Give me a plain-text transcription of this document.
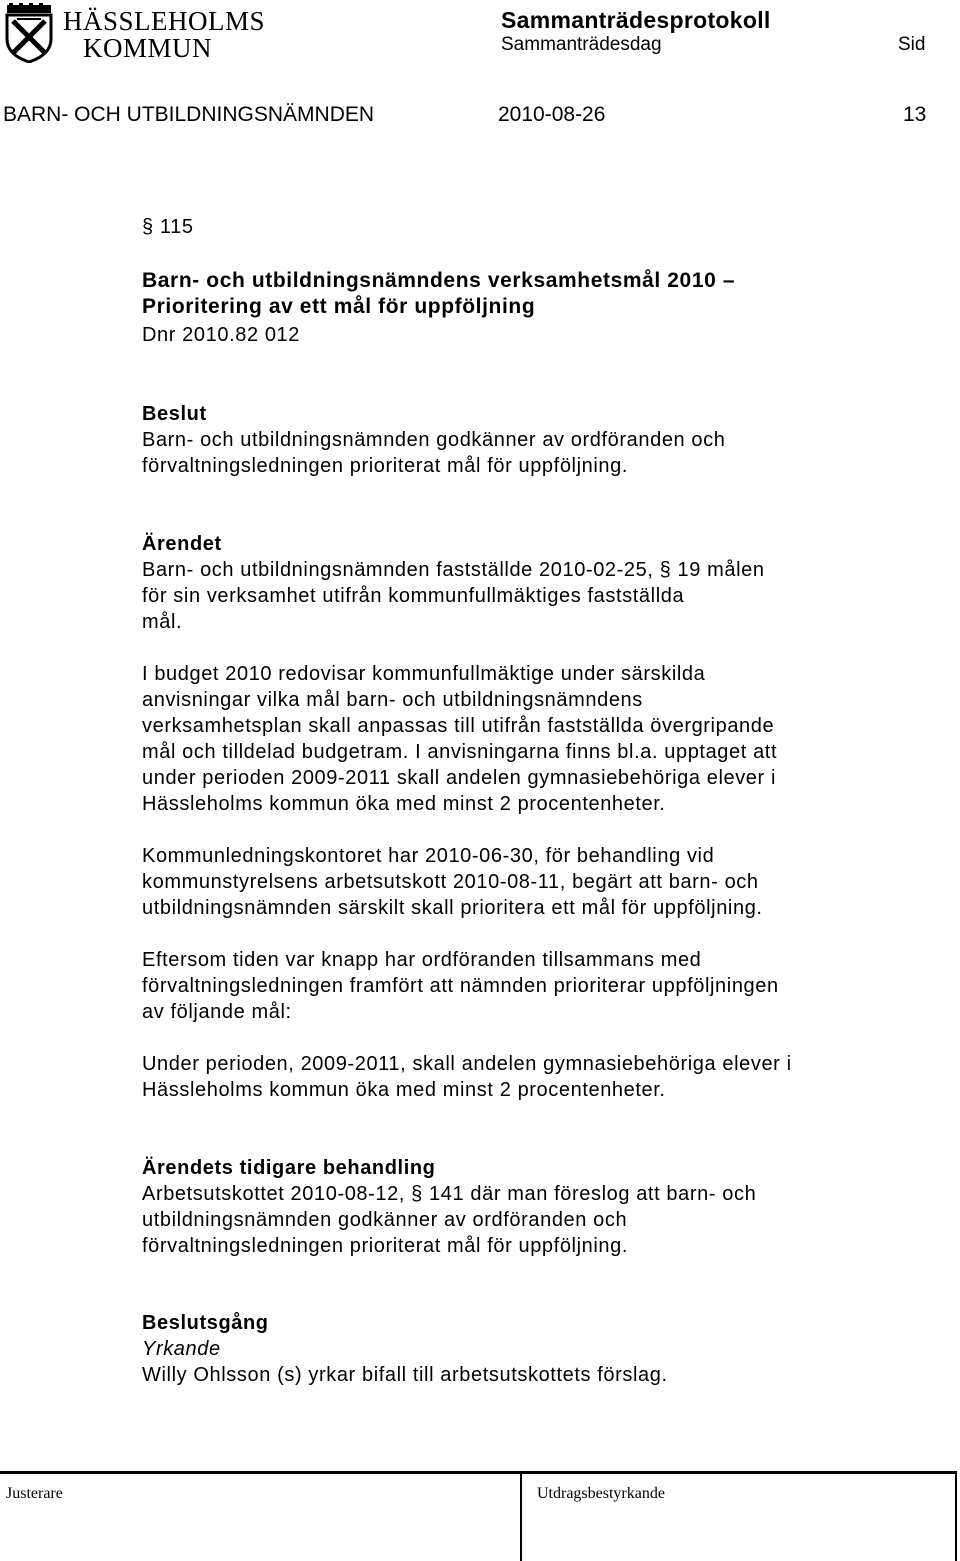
HÄSSLEHOLMS
KOMMUN
Sammanträdesprotokoll
Sammanträdesdag	Sid
BARN- OCH UTBILDNINGSNÄMNDEN	2010-08-26	13
§ 115
Barn- och utbildningsnämndens verksamhetsmål 2010 –
Prioritering av ett mål för uppföljning
Dnr 2010.82 012
Beslut
Barn- och utbildningsnämnden godkänner av ordföranden och
förvaltningsledningen prioriterat mål för uppföljning.
Ärendet
Barn- och utbildningsnämnden fastställde 2010-02-25, § 19 målen
för sin verksamhet utifrån kommunfullmäktiges fastställda
mål.
I budget 2010 redovisar kommunfullmäktige under särskilda
anvisningar vilka mål barn- och utbildningsnämndens
verksamhetsplan skall anpassas till utifrån fastställda övergripande
mål och tilldelad budgetram. I anvisningarna finns bl.a. upptaget att
under perioden 2009-2011 skall andelen gymnasiebehöriga elever i
Hässleholms kommun öka med minst 2 procentenheter.
Kommunledningskontoret har 2010-06-30, för behandling vid
kommunstyrelsens arbetsutskott 2010-08-11, begärt att barn- och
utbildningsnämnden särskilt skall prioritera ett mål för uppföljning.
Eftersom tiden var knapp har ordföranden tillsammans med
förvaltningsledningen framfört att nämnden prioriterar uppföljningen
av följande mål:
Under perioden, 2009-2011, skall andelen gymnasiebehöriga elever i
Hässleholms kommun öka med minst 2 procentenheter.
Ärendets tidigare behandling
Arbetsutskottet 2010-08-12, § 141 där man föreslog att barn- och
utbildningsnämnden godkänner av ordföranden och
förvaltningsledningen prioriterat mål för uppföljning.
Beslutsgång
Yrkande
Willy Ohlsson (s) yrkar bifall till arbetsutskottets förslag.
Justerare	Utdragsbestyrkande
